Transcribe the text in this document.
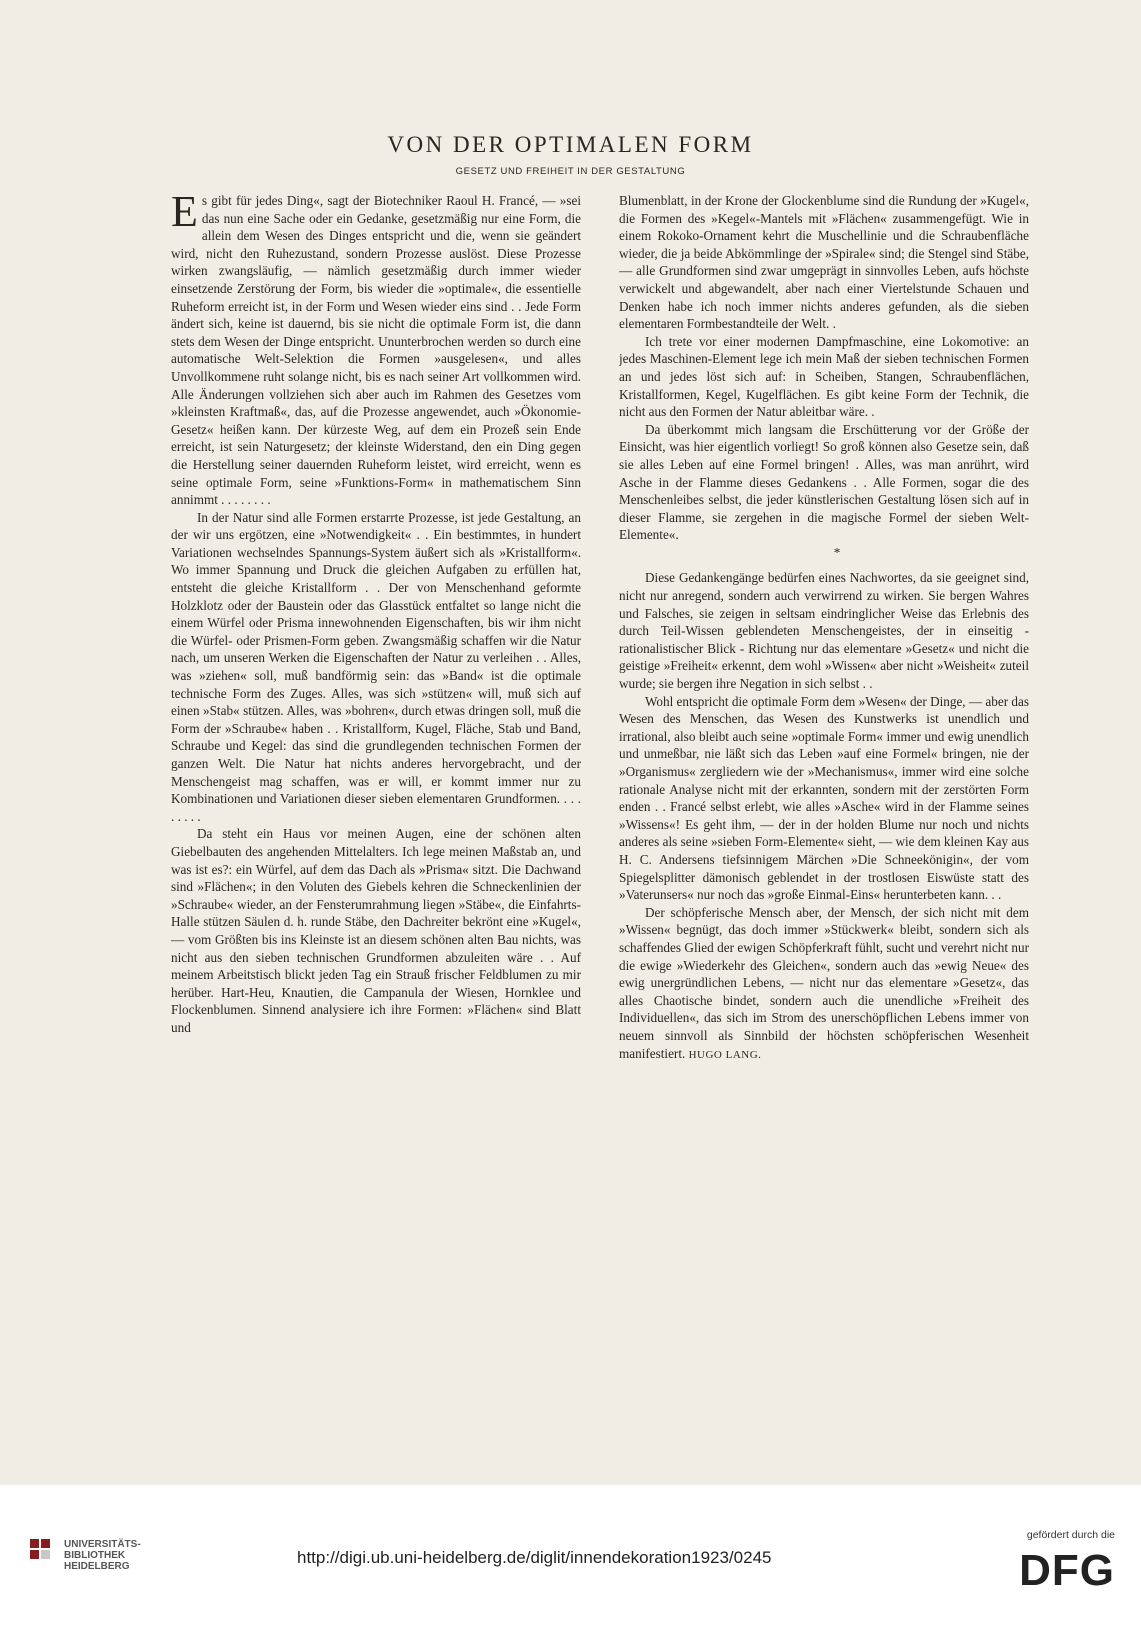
VON DER OPTIMALEN FORM
GESETZ UND FREIHEIT IN DER GESTALTUNG

Es gibt für jedes Ding«, sagt der Biotechniker Raoul H. Francé, — »sei das nun eine Sache oder ein Gedanke, gesetzmäßig nur eine Form, die allein dem Wesen des Dinges entspricht und die, wenn sie geändert wird, nicht den Ruhezustand, sondern Prozesse auslöst. Diese Prozesse wirken zwangsläufig, — nämlich gesetzmäßig durch immer wieder einsetzende Zerstörung der Form, bis wieder die »optimale«, die essentielle Ruheform erreicht ist, in der Form und Wesen wieder eins sind . . Jede Form ändert sich, keine ist dauernd, bis sie nicht die optimale Form ist, die dann stets dem Wesen der Dinge entspricht. Ununterbrochen werden so durch eine automatische Welt-Selektion die Formen »ausgelesen«, und alles Unvollkommene ruht solange nicht, bis es nach seiner Art vollkommen wird. Alle Änderungen vollziehen sich aber auch im Rahmen des Gesetzes vom »kleinsten Kraftmaß«, das, auf die Prozesse angewendet, auch »Ökonomie-Gesetz« heißen kann. Der kürzeste Weg, auf dem ein Prozeß sein Ende erreicht, ist sein Naturgesetz; der kleinste Widerstand, den ein Ding gegen die Herstellung seiner dauernden Ruheform leistet, wird erreicht, wenn es seine optimale Form, seine »Funktions-Form« in mathematischem Sinn annimmt . . . . . . . .

In der Natur sind alle Formen erstarrte Prozesse, ist jede Gestaltung, an der wir uns ergötzen, eine »Notwendigkeit« . . Ein bestimmtes, in hundert Variationen wechselndes Spannungs-System äußert sich als »Kristallform«. Wo immer Spannung und Druck die gleichen Aufgaben zu erfüllen hat, entsteht die gleiche Kristallform . . Der von Menschenhand geformte Holzklotz oder der Baustein oder das Glasstück entfaltet so lange nicht die einem Würfel oder Prisma innewohnenden Eigenschaften, bis wir ihm nicht die Würfel- oder Prismen-Form geben. Zwangsmäßig schaffen wir die Natur nach, um unseren Werken die Eigenschaften der Natur zu verleihen . . Alles, was »ziehen« soll, muß bandförmig sein: das »Band« ist die optimale technische Form des Zuges. Alles, was sich »stützen« will, muß sich auf einen »Stab« stützen. Alles, was »bohren«, durch etwas dringen soll, muß die Form der »Schraube« haben . . Kristallform, Kugel, Fläche, Stab und Band, Schraube und Kegel: das sind die grundlegenden technischen Formen der ganzen Welt. Die Natur hat nichts anderes hervorgebracht, und der Menschengeist mag schaffen, was er will, er kommt immer nur zu Kombinationen und Variationen dieser sieben elementaren Grundformen. . . . . . . . .

Da steht ein Haus vor meinen Augen, eine der schönen alten Giebelbauten des angehenden Mittelalters. Ich lege meinen Maßstab an, und was ist es?: ein Würfel, auf dem das Dach als »Prisma« sitzt. Die Dachwand sind »Flächen«; in den Voluten des Giebels kehren die Schneckenlinien der »Schraube« wieder, an der Fensterumrahmung liegen »Stäbe«, die Einfahrts-Halle stützen Säulen d. h. runde Stäbe, den Dachreiter bekrönt eine »Kugel«, — vom Größten bis ins Kleinste ist an diesem schönen alten Bau nichts, was nicht aus den sieben technischen Grundformen abzuleiten wäre . . Auf meinem Arbeitstisch blickt jeden Tag ein Strauß frischer Feldblumen zu mir herüber. Hart-Heu, Knautien, die Campanula der Wiesen, Hornklee und Flockenblumen. Sinnend analysiere ich ihre Formen: »Flächen« sind Blatt und

Blumenblatt, in der Krone der Glockenblume sind die Rundung der »Kugel«, die Formen des »Kegel«-Mantels mit »Flächen« zusammengefügt. Wie in einem Rokoko-Ornament kehrt die Muschellinie und die Schraubenfläche wieder, die ja beide Abkömmlinge der »Spirale« sind; die Stengel sind Stäbe, — alle Grundformen sind zwar umgeprägt in sinnvolles Leben, aufs höchste verwickelt und abgewandelt, aber nach einer Viertelstunde Schauen und Denken habe ich noch immer nichts anderes gefunden, als die sieben elementaren Formbestandteile der Welt. .

Ich trete vor einer modernen Dampfmaschine, eine Lokomotive: an jedes Maschinen-Element lege ich mein Maß der sieben technischen Formen an und jedes löst sich auf: in Scheiben, Stangen, Schraubenflächen, Kristallformen, Kegel, Kugelflächen. Es gibt keine Form der Technik, die nicht aus den Formen der Natur ableitbar wäre. .

Da überkommt mich langsam die Erschütterung vor der Größe der Einsicht, was hier eigentlich vorliegt! So groß können also Gesetze sein, daß sie alles Leben auf eine Formel bringen! . Alles, was man anrührt, wird Asche in der Flamme dieses Gedankens . . Alle Formen, sogar die des Menschenleibes selbst, die jeder künstlerischen Gestaltung lösen sich auf in dieser Flamme, sie zergehen in die magische Formel der sieben Welt-Elemente«.

*

Diese Gedankengänge bedürfen eines Nachwortes, da sie geeignet sind, nicht nur anregend, sondern auch verwirrend zu wirken. Sie bergen Wahres und Falsches, sie zeigen in seltsam eindringlicher Weise das Erlebnis des durch Teil-Wissen geblendeten Menschengeistes, der in einseitig - rationalistischer Blick - Richtung nur das elementare »Gesetz« und nicht die geistige »Freiheit« erkennt, dem wohl »Wissen« aber nicht »Weisheit« zuteil wurde; sie bergen ihre Negation in sich selbst . .

Wohl entspricht die optimale Form dem »Wesen« der Dinge, — aber das Wesen des Menschen, das Wesen des Kunstwerks ist unendlich und irrational, also bleibt auch seine »optimale Form« immer und ewig unendlich und unmeßbar, nie läßt sich das Leben »auf eine Formel« bringen, nie der »Organismus« zergliedern wie der »Mechanismus«, immer wird eine solche rationale Analyse nicht mit der erkannten, sondern mit der zerstörten Form enden . . Francé selbst erlebt, wie alles »Asche« wird in der Flamme seines »Wissens«! Es geht ihm, — der in der holden Blume nur noch und nichts anderes als seine »sieben Form-Elemente« sieht, — wie dem kleinen Kay aus H. C. Andersens tiefsinnigem Märchen »Die Schneekönigin«, der vom Spiegelsplitter dämonisch geblendet in der trostlosen Eiswüste statt des »Vaterunsers« nur noch das »große Einmal-Eins« herunterbeten kann. . .

Der schöpferische Mensch aber, der Mensch, der sich nicht mit dem »Wissen« begnügt, das doch immer »Stückwerk« bleibt, sondern sich als schaffendes Glied der ewigen Schöpferkraft fühlt, sucht und verehrt nicht nur die ewige »Wiederkehr des Gleichen«, sondern auch das »ewig Neue« des ewig unergründlichen Lebens, — nicht nur das elementare »Gesetz«, das alles Chaotische bindet, sondern auch die unendliche »Freiheit des Individuellen«, das sich im Strom des unerschöpflichen Lebens immer von neuem sinnvoll als Sinnbild der höchsten schöpferischen Wesenheit manifestiert. HUGO LANG.

UNIVERSITÄTS-
BIBLIOTHEK
HEIDELBERG	http://digi.ub.uni-heidelberg.de/diglit/innendekoration1923/0245
gefördert durch die
DFG
